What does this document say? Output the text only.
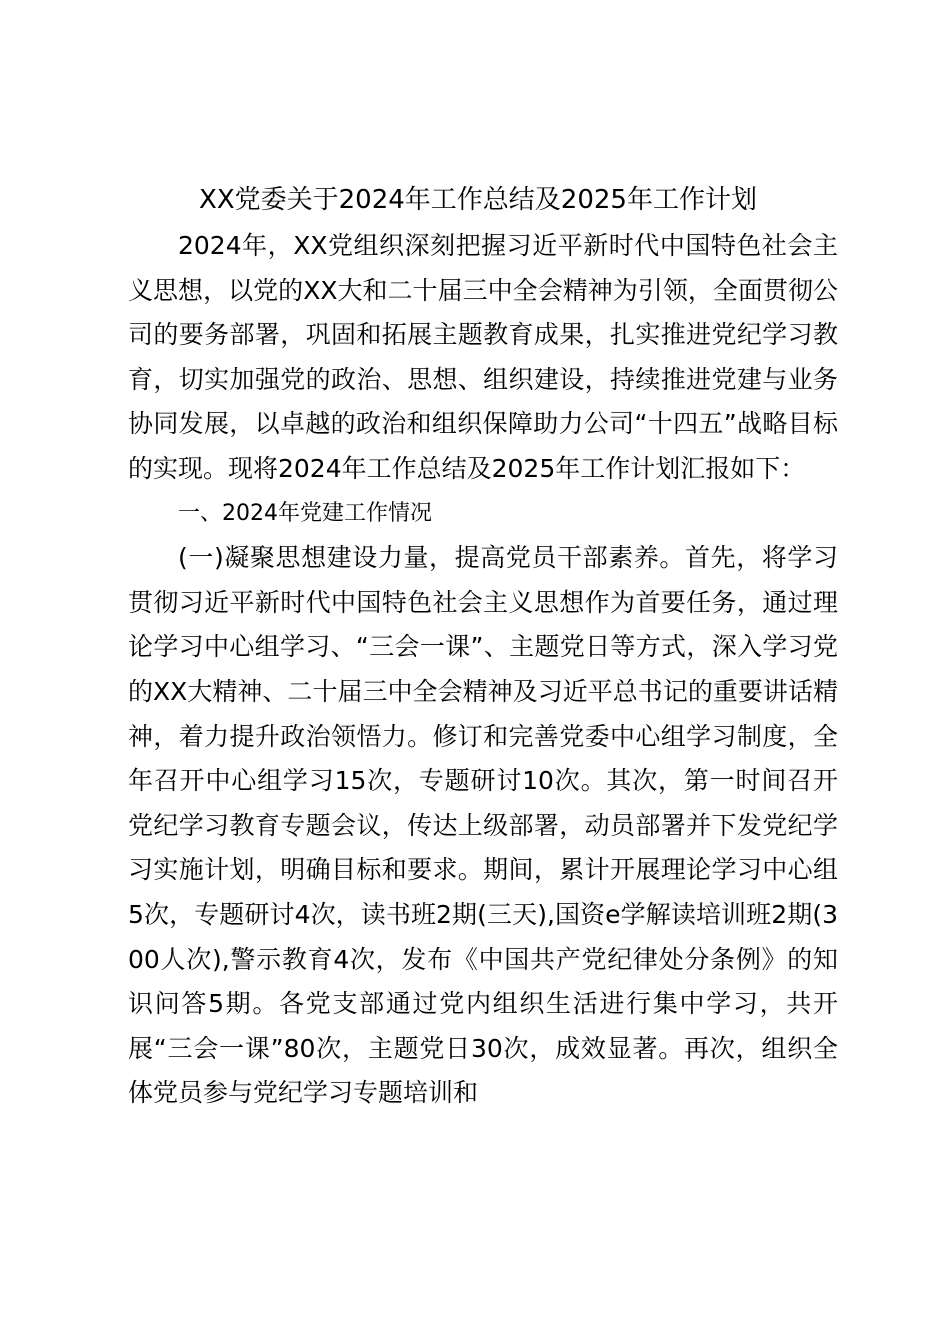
XX党委关于2024年工作总结及2025年工作计划

2024年，XX党组织深刻把握习近平新时代中国特色社会主义思想，以党的XX大和二十届三中全会精神为引领，全面贯彻公司的要务部署，巩固和拓展主题教育成果，扎实推进党纪学习教育，切实加强党的政治、思想、组织建设，持续推进党建与业务协同发展，以卓越的政治和组织保障助力公司“十四五”战略目标的实现。现将2024年工作总结及2025年工作计划汇报如下：

一、2024年党建工作情况

(一)凝聚思想建设力量，提高党员干部素养。首先，将学习贯彻习近平新时代中国特色社会主义思想作为首要任务，通过理论学习中心组学习、“三会一课”、主题党日等方式，深入学习党的XX大精神、二十届三中全会精神及习近平总书记的重要讲话精神，着力提升政治领悟力。修订和完善党委中心组学习制度，全年召开中心组学习15次，专题研讨10次。其次，第一时间召开党纪学习教育专题会议，传达上级部署，动员部署并下发党纪学习实施计划，明确目标和要求。期间，累计开展理论学习中心组5次，专题研讨4次，读书班2期(三天),国资e学解读培训班2期(300人次),警示教育4次，发布《中国共产党纪律处分条例》的知识问答5期。各党支部通过党内组织生活进行集中学习，共开展“三会一课”80次，主题党日30次，成效显著。再次，组织全体党员参与党纪学习专题培训和
